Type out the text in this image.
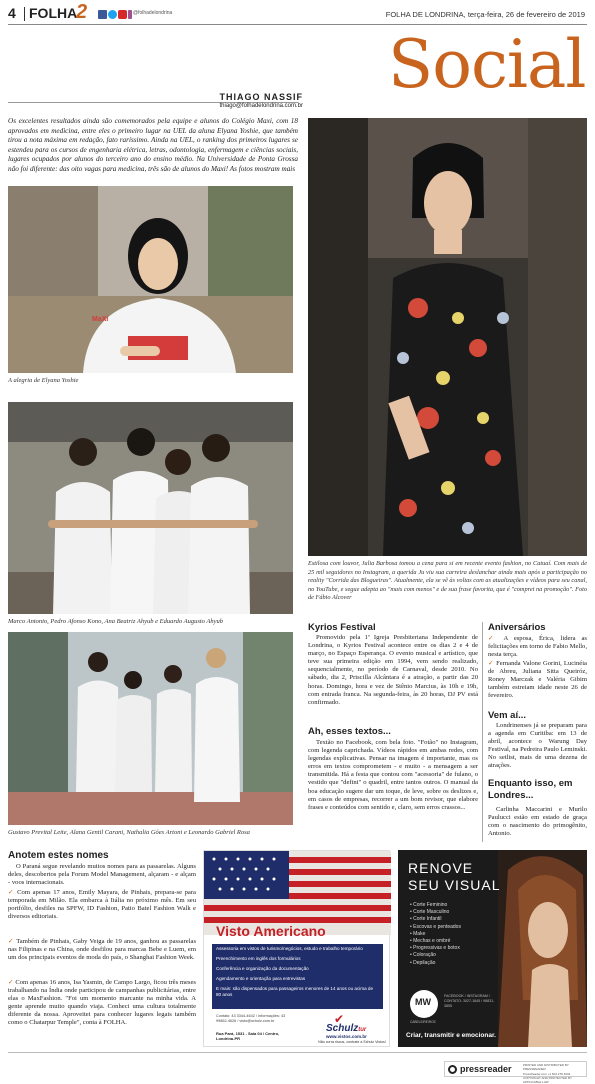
4 FOLHA
2	@folhadelondrina	FOLHA DE LONDRINA, terça-feira, 26 de fevereiro de 2019
Social
THIAGO NASSIF
thiago@folhadelondrina.com.br
Os excelentes resultados ainda são comemorados pela equipe e alunos do Colégio Maxi, com 18 aprovados em medicina, entre eles o primeiro lugar na UEL da aluna Elyana Yoshie, que também tirou a nota máxima em redação, fato raríssimo. Ainda na UEL, o ranking dos primeiros lugares se estendeu para os cursos de engenharia elétrica, letras, odontologia, enfermagem e ciências sociais, lugares ocupados por alunos do terceiro ano do ensino médio. Na Universidade de Ponta Grossa não foi diferente: das oito vagas para medicina, três são de alunos do Maxi! As fotos mostram mais
MaXi
A alegria de Elyana Yoshie
Marco Antonio, Pedro Afonso Kono, Ana Beatriz Ahyub e Eduardo Augusto Ahyub
Gustavo Prevital Leite, Alana Gentil Carani, Nathalia Góes Artoni e Leonardo Gabriel Rosa
Estilosa com louvor, Julia Barbosa tomou a cena para si em recente evento fashion, no Catuaí. Com mais de 25 mil seguidores no Instagram, a querida Ju viu sua carreira deslanchar ainda mais após a participação no reality "Corrida das Blogueiras". Atualmente, ela se vê às voltas com as atualizações e vídeos para seu canal, no YouTube, e segue adepta ao "mais com menos" e de sua frase favorita, que é "comprei na promoção". Foto de Fábio Alcover
Kyrios Festival
Promovido pela 1ª Igreja Presbiteriana Independente de Londrina, o Kyrios Festival acontece entre os dias 2 e 4 de março, no Espaço Esperança. O evento musical e artístico, que teve sua primeira edição em 1994, vem sendo realizado, sequencialmente, no período de Carnaval, desde 2010. No sábado, dia 2, Priscilla Alcântara é a atração, a partir das 20 horas. Domingo, hora e vez de Stênio Marcius, às 10h e 19h, com entrada franca. Na segunda-feira, às 20 horas, DJ PV está confirmado.
Ah, esses textos...
Textão no Facebook, com bela foto. "Fotão" no Instagram, com legenda caprichada. Vídeos rápidos em ambas redes, com legendas explicativas. Pensar na imagem é importante, mas os erros em textos comprometem - e muito - a mensagem a ser transmitida. Há a festa que contou com "acessoria" de fulano, o vestido que "defini" o quadril, entre tantos outros. O manual da boa educação sugere dar um toque, de leve, sobre os deslizes e, em casos de empresas, recorrer a um bom revisor, que elabore frases e conteúdos com sentido e, claro, sem erros crassos...
Aniversários
✓ A esposa, Érica, lidera as felicitações em torno de Fabio Mello, nesta terça.
✓ Fernanda Valone Gorini, Lucinéia de Abreu, Juliana Sitta Queiróz, Roney Marczak e Valéria Gibim também estreiam idade neste 26 de fevereiro.
Vem aí...
Londrinenses já se preparam para a agenda em Curitiba: em 13 de abril, acontece o Warung Day Festival, na Pedreira Paulo Leminski. No setlist, mais de uma dezena de atrações.
Enquanto isso, em Londres...
Carlinha Maccarini e Murilo Paulucci estão em estado de graça com o nascimento do primogênito, Antonio.
Anotem estes nomes
O Paraná segue revelando muitos nomes para as passarelas. Alguns deles, descobertos pela Forum Model Management, alçaram - e alçam - voos internacionais.
✓ Com apenas 17 anos, Emily Mayara, de Pinhais, prepara-se para temporada em Milão. Ela embarca à Itália no próximo mês. Em seu portfólio, desfiles na SPFW, ID Fashion, Patio Batel Fashion Walk e diversos editoriais.
✓ Também de Pinhais, Gaby Veiga de 19 anos, ganhou as passarelas nas Filipinas e na China, onde desfilou para marcas Bebe e Luem, em um dos principais eventos de moda do país, o Shanghai Fashion Week.
✓ Com apenas 16 anos, Isa Yasmin, de Campo Largo, ficou três meses trabalhando na Índia onde participou de campanhas publicitárias, entre elas o MaxFashion. "Foi um momento marcante na minha vida. A gente aprende muito quando viaja. Conheci uma cultura totalmente diferente da nossa. Aproveitei para conhecer lugares legais também como o Chatarpur Temple", conta à FOLHA.
Visto Americano
Assessoria em vistos de turismo/negócios, estudo e trabalho temporário
Preenchimento em inglês dos formulários
Conferência e organização da documentação
Agendamento e orientação para entrevistas
E mais: são dispensados para passageiros menores de 14 anos ou acima de 80 anos
Contato: 43 3344-4642 / Informações: 43 99862-4626 / visto@schulz.com.br
Rua Pará, 1531 - Sala 04 / Centro, Londrina-PR
✔
Schulztur
www.vistos.com.br
Não corra riscos, contrate a Schulz Vistos!
RENOVE
SEU VISUAL
• Corte Feminino
• Corte Masculino
• Corte Infantil
• Escovas e penteados
• Make
• Mechas e ombré
• Progressivas e botox
• Coloração
• Depilação
MW
CABELEIREIROS
FACEBOOK / INSTAGRAM / CONTATO: 3027-1845 / 98831-3855
Criar, transmitir e emocionar.
pressreader	PRINTED AND DISTRIBUTED BY PRESSREADER
PressReader.com +1 604 278 4604
COPYRIGHT AND PROTECTED BY APPLICABLE LAW
